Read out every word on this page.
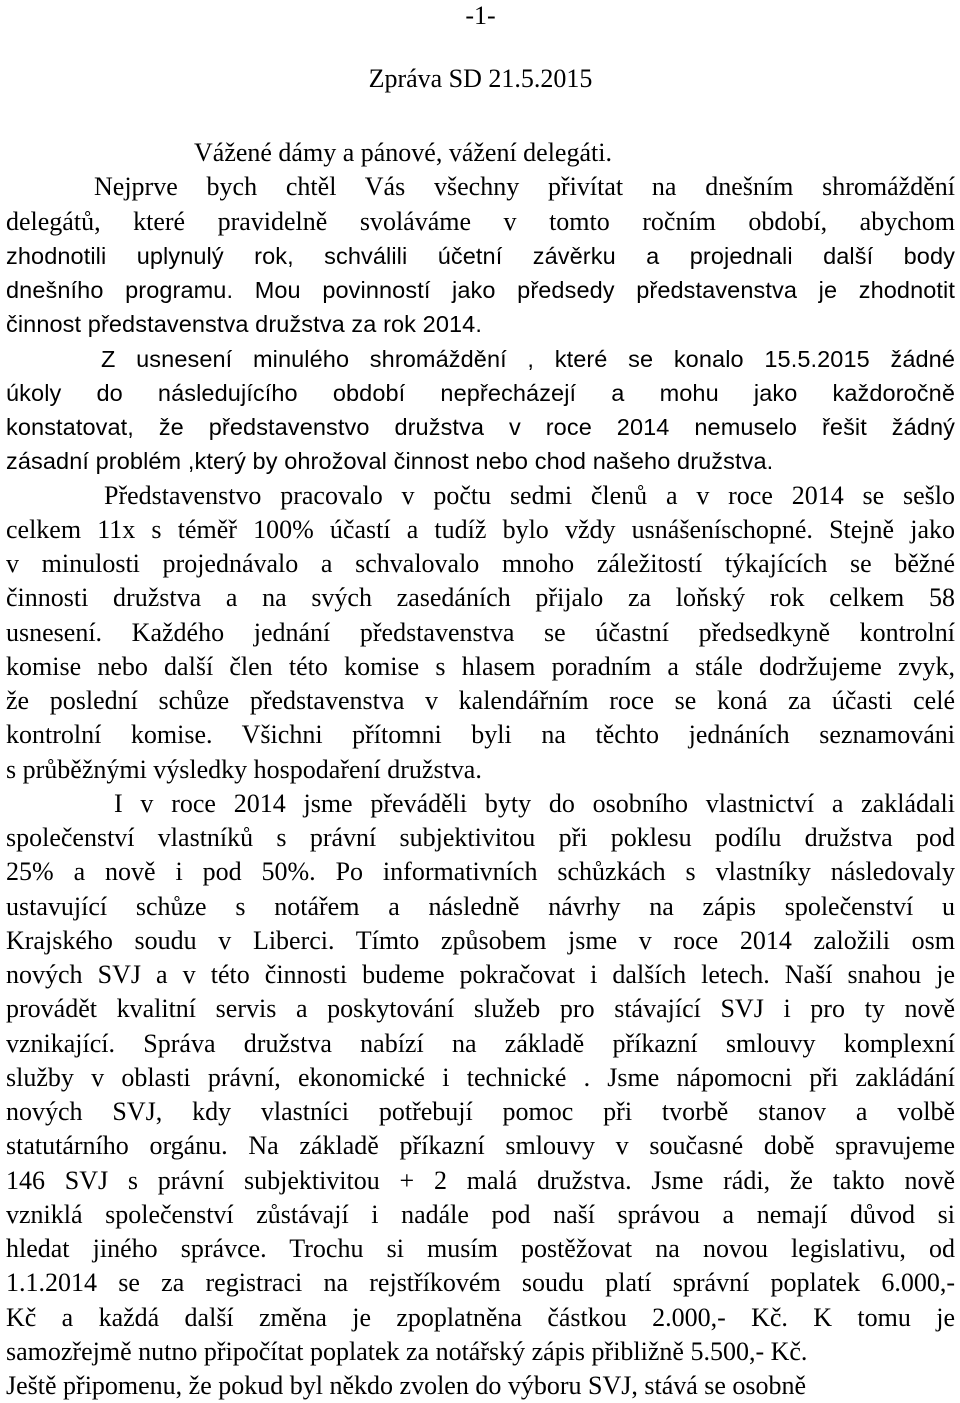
-1-
Zpráva SD 21.5.2015
Vážené dámy a pánové, vážení delegáti.
Nejprve bych chtěl Vás všechny přivítat na dnešním shromáždění
delegátů, které pravidelně svoláváme v tomto ročním období, abychom
zhodnotili uplynulý rok, schválili účetní závěrku a projednali další body
dnešního programu. Mou povinností jako předsedy představenstva je zhodnotit
činnost představenstva družstva za rok 2014.
Z usnesení minulého shromáždění , které se konalo 15.5.2015 žádné
úkoly do následujícího období nepřecházejí a mohu jako každoročně
konstatovat, že představenstvo družstva v roce 2014 nemuselo řešit žádný
zásadní problém ,který by ohrožoval činnost nebo chod našeho družstva.
Představenstvo pracovalo v počtu sedmi členů a v roce 2014 se sešlo
celkem 11x s téměř 100% účastí a tudíž bylo vždy usnášeníschopné. Stejně jako
v minulosti projednávalo a schvalovalo mnoho záležitostí týkajících se běžné
činnosti družstva a na svých zasedáních přijalo za loňský rok celkem 58
usnesení. Každého jednání představenstva se účastní předsedkyně kontrolní
komise nebo další člen této komise s hlasem poradním a stále dodržujeme zvyk,
že poslední schůze představenstva v kalendářním roce se koná za účasti celé
kontrolní komise. Všichni přítomni byli na těchto jednáních seznamováni
s průběžnými výsledky hospodaření družstva.
I v roce 2014 jsme převáděli byty do osobního vlastnictví a zakládali
společenství vlastníků s právní subjektivitou při poklesu podílu družstva pod
25% a nově i pod 50%. Po informativních schůzkách s vlastníky následovaly
ustavující schůze s notářem a následně návrhy na zápis společenství u
Krajského soudu v Liberci. Tímto způsobem jsme v roce 2014 založili osm
nových SVJ a v této činnosti budeme pokračovat i dalších letech. Naší snahou je
provádět kvalitní servis a poskytování služeb pro stávající SVJ i pro ty nově
vznikající. Správa družstva nabízí na základě příkazní smlouvy komplexní
služby v oblasti právní, ekonomické i technické . Jsme nápomocni při zakládání
nových SVJ, kdy vlastníci potřebují pomoc při tvorbě stanov a volbě
statutárního orgánu. Na základě příkazní smlouvy v současné době spravujeme
146 SVJ s právní subjektivitou + 2 malá družstva. Jsme rádi, že takto nově
vzniklá společenství zůstávají i nadále pod naší správou a nemají důvod si
hledat jiného správce. Trochu si musím postěžovat na novou legislativu, od
1.1.2014 se za registraci na rejstříkovém soudu platí správní poplatek 6.000,-
Kč a každá další změna je zpoplatněna částkou 2.000,- Kč. K tomu je
samozřejmě nutno připočítat poplatek za notářský zápis přibližně 5.500,- Kč.
Ještě připomenu, že pokud byl někdo zvolen do výboru SVJ, stává se osobně
